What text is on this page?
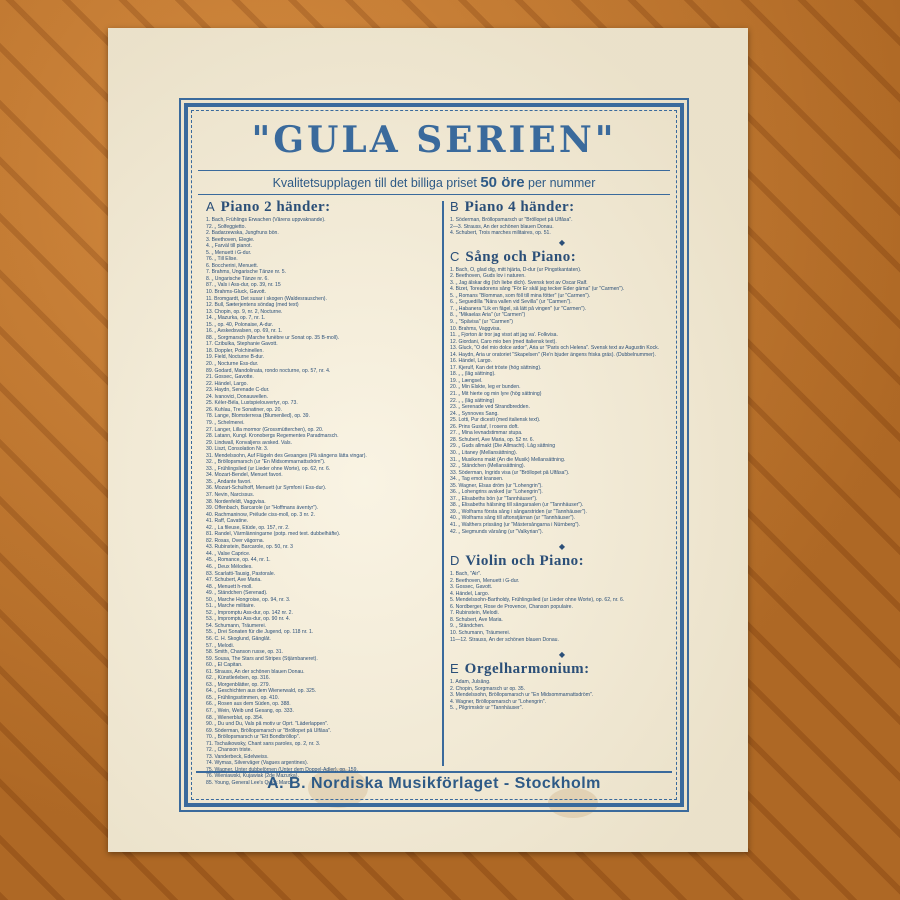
"GULA SERIEN"
Kvalitetsupplagen till det billiga priset 50 öre per nummer
A Piano 2 händer:
1. Bach, Frühlings Erwachen (Vårens uppvaknande).
72. „ Solfeggietto.
2. Badarzewska, Jungfruns bön.
3. Beethoven, Elegie.
4. „ Farväl till pianot.
5. „ Menuett i G-dur.
76. „ Till Elise.
6. Boccherini, Menuett.
7. Brahms, Ungarische Tänze nr. 5.
8. „ Ungarische Tänze nr. 6.
87. „ Vals i Ass-dur, op. 39, nr. 15
10. Brahms-Gluck, Gavott.
11. Bromgardt, Det susar i skogen (Waldesrauschen).
12. Bull, Sæterjentens söndag (med text)
13. Chopin, op. 9, nr. 2, Nocturne.
14. „ Mazurka, op. 7, nr. 1.
15. „ op. 40, Polonaise, A-dur.
16. „ Avskedsvalsen, op. 69, nr. 1.
88. „ Sorgmarsch (Marche funèbre ur Sonat op. 35 B-moll).
17. Czibulka, Stephanie Gavott.
18. Doppler, Polchinellen.
19. Field, Nocturne B-dur.
20. „ Nocturne Ess-dur.
89. Godard, Mandolinata, rondo nocturne, op. 57, nr. 4.
21. Gossec, Gavotte.
22. Händel, Largo.
23. Haydn, Serenade C-dur.
24. Ivanovici, Donauwellen.
25. Kéler-Béla, Lustspielouvertyr, op. 73.
26. Kuhlau, Tre Sonatiner, op. 20.
78. Lange, Blomsterresa (Blumenlied), op. 39.
79. „ Schelmerei.
27. Langer, Lilla mormor (Grossmütterchen), op. 20.
28. Latann, Kungl. Kronobergs Regementes Paradmarsch.
29. Lindwall, Konvaljens avsked. Vals.
30. Liszt, Consolation Nr. 3.
31. Mendelssohn, Auf Flügeln des Gesanges (På sångens lätta vingar).
32. „ Bröllopsmarsch (ur "En Midsommarnattsdröm").
33. „ Frühlingslied (ur Lieder ohne Worte), op. 62, nr. 6.
34. Mozart-Bendel, Menuet favori.
35. „ Andante favori.
36. Mozart-Schulhoff, Menuett (ur Symfoni i Ess-dur).
37. Nevin, Narcissus.
38. Nordenfeldt, Vaggvisa.
39. Offenbach, Barcarole (ur "Hoffmans äventyr").
40. Rachmaninow, Prélude ciss-moll, op. 3 nr. 2.
41. Raff, Cavatine.
42. „ La fileuse, Etüde, op. 157, nr. 2.
81. Randel, Värmlänningarne (potp. med text. dubbelhäfte).
82. Rosas, Över vågorna.
43. Rubinstein, Barcarole, op. 50, nr. 3
44. „ Valse Caprice.
45. „ Romance, op. 44, nr. 1.
46. „ Deux Mélodies.
83. Scarlatti-Tausig, Pastorale.
47. Schubert, Ave Maria.
48. „ Menuett h-moll.
49. „ Ständchen (Serenad).
50. „ Marche Hongroise, op. 94, nr. 3.
51. „ Marche militaire.
52. „ Impromptu Ass-dur, op. 142 nr. 2.
53. „ Impromptu Ass-dur, op. 90 nr. 4.
54. Schumann, Träumerei.
55. „ Drei Sonaten für die Jugend, op. 118 nr. 1.
56. C. H. Skoglund, Gånglåt.
57. „ Melodi.
58. Smith, Chanson russe, op. 31.
59. Sousa, The Stars and Stripes (Stjärnbaneret).
60. „ El Capitan.
61. Strauss, An der schönen blauen Donau.
62. „ Künstlerleben, op. 316.
63. „ Morgenblätter, op. 279.
64. „ Geschichten aus dem Wienerwald, op. 325.
65. „ Frühlingsstimmen, op. 410.
66. „ Rosen aus dem Süden, op. 388.
67. „ Wein, Weib und Gesang, op. 333.
68. „ Wienerblut, op. 354.
90. „ Du und Du, Vals på motiv ur Oprt. "Läderlappen".
69. Söderman, Bröllopsmarsch ur "Bröllopet på Ulfåsa".
70. „ Bröllopsmarsch ur "Ett Bondbröllop".
71. Tschaikowsky, Chant sans paroles, op. 2, nr. 3.
72. „ Chanson triste.
73. Vanderbeck, Edelweiss.
74. Wymas, Silvervåger (Vagues argentines).
75. Wagner, Unter dubbelörnen (Unter dem Doppel-Adler), op. 159.
76. Wieniawski, Kujawiak (2de Mazurka).
85. Young, General Lee's Quick March
B Piano 4 händer:
1. Söderman, Bröllopsmarsch ur "Bröllopet på Ulfåsa".
2—3. Strauss, An der schönen blauen Donau.
4. Schubert, Trois marches militaires, op. 51.
◆
C Sång och Piano:
1. Bach, O, glad dig, mitt hjärta, D-dur (ur Pingstkantaten).
2. Beethoven, Guds lov i naturen.
3. „ Jag älskar dig (Ich liebe dich). Svensk text av Oscar Ralf.
4. Bizet, Toreadorens sång "För Er skål jag tecker Eder gärna" (ur "Carmen").
5. „ Romans "Blomman, som föll till mina fötter" (ur "Carmen").
6. „ Seguedilla "Nära vallen vid Sevilla" (ur "Carmen").
7. „ Habanera "Lik en fågel, så lätt på vingen" (ur "Carmen").
8. „ "Mikaelas Aria" (ur "Carmen")
9. „ "Spåvisa" (ur "Carmen")
10. Brahms, Vaggvisa.
11. „ Fjorton år tror jag visst att jag va'. Folkvisa.
12. Giordani, Caro mio ben (med italiensk text).
13. Gluck, "O del mio dolce ardor", Aria ur "Paris och Helena". Svensk text av Augustin Kock.
14. Haydn, Aria ur oratoriet "Skapelsen" (Re'n bjuder ängens friska gräs). (Dubbelnummer).
16. Händel, Largo.
17. Kjerulf, Kan det tröste (hög sättning).
18. „ „ (låg sättning).
19. „ Længsel.
20. „ Min Elskte, leg er bunden.
21. „ Mit hierte og min lyre (hög sättning)
22. „ „ (låg sättning)
23. „ Serenade ved Strandbredden.
24. „ Synnoves Sang.
25. Lotti, Pur dicesti (med italiensk text).
26. Prins Gustaf, I rosens doft.
27. „ Mina levnadstimmar stupa.
28. Schubert, Ave Maria, op. 52 nr. 6.
29. „ Guds allmakt (Die Allmacht). Låg sättning
30. „ Litaney (Mellansättning).
31. „ Musikens makt (An die Musik) Mellansättning.
32. „ Ständchen (Mellansättning).
33. Söderman, Ingrids visa (ur "Bröllopet på Ulfåsa").
34. „ Tag emot kransen.
35. Wagner, Elsas dröm (ur "Lohengrin").
36. „ Lohengrins avsked (ur "Lohengrin").
37. „ Elisabeths bön (ur "Tannhäuser").
38. „ Elisabeths hälsning till sångarsalen (ur "Tannhäuser").
39. „ Wolframs första sång i sångarstriden (ur "Tannhäuser").
40. „ Wolframs sång till aftonstjärnan (ur "Tannhäuser").
41. „ Walthers prissång (ur "Mästersångarna i Nürnberg").
42. „ Siegmunds vårsång (ur "Valkyrian").
◆
D Violin och Piano:
1. Bach, "Air".
2. Beethoven, Menuett i G-dur.
3. Gossec, Gavott.
4. Händel, Largo.
5. Mendelssohn-Bartholdy, Frühlingslied (ur Lieder ohne Worte), op. 62, nr. 6.
6. Nordberger, Rose de Provence, Chanson populaire.
7. Rubinstein, Melodi.
8. Schubert, Ave Maria.
9. „ Ständchen.
10. Schumann, Träumerei.
11—12. Strauss, An der schönen blauen Donau.
◆
E Orgelharmonium:
1. Adam, Julsång.
2. Chopin, Sorgmarsch ur op. 35.
3. Mendelssohn, Bröllopsmarsch ur "En Midsommarnattsdröm".
4. Wagner, Bröllopsmarsch ur "Lohengrin".
5. „ Pilgrimskör ur "Tannhäuser".
A. B. Nordiska Musikförlaget - Stockholm
